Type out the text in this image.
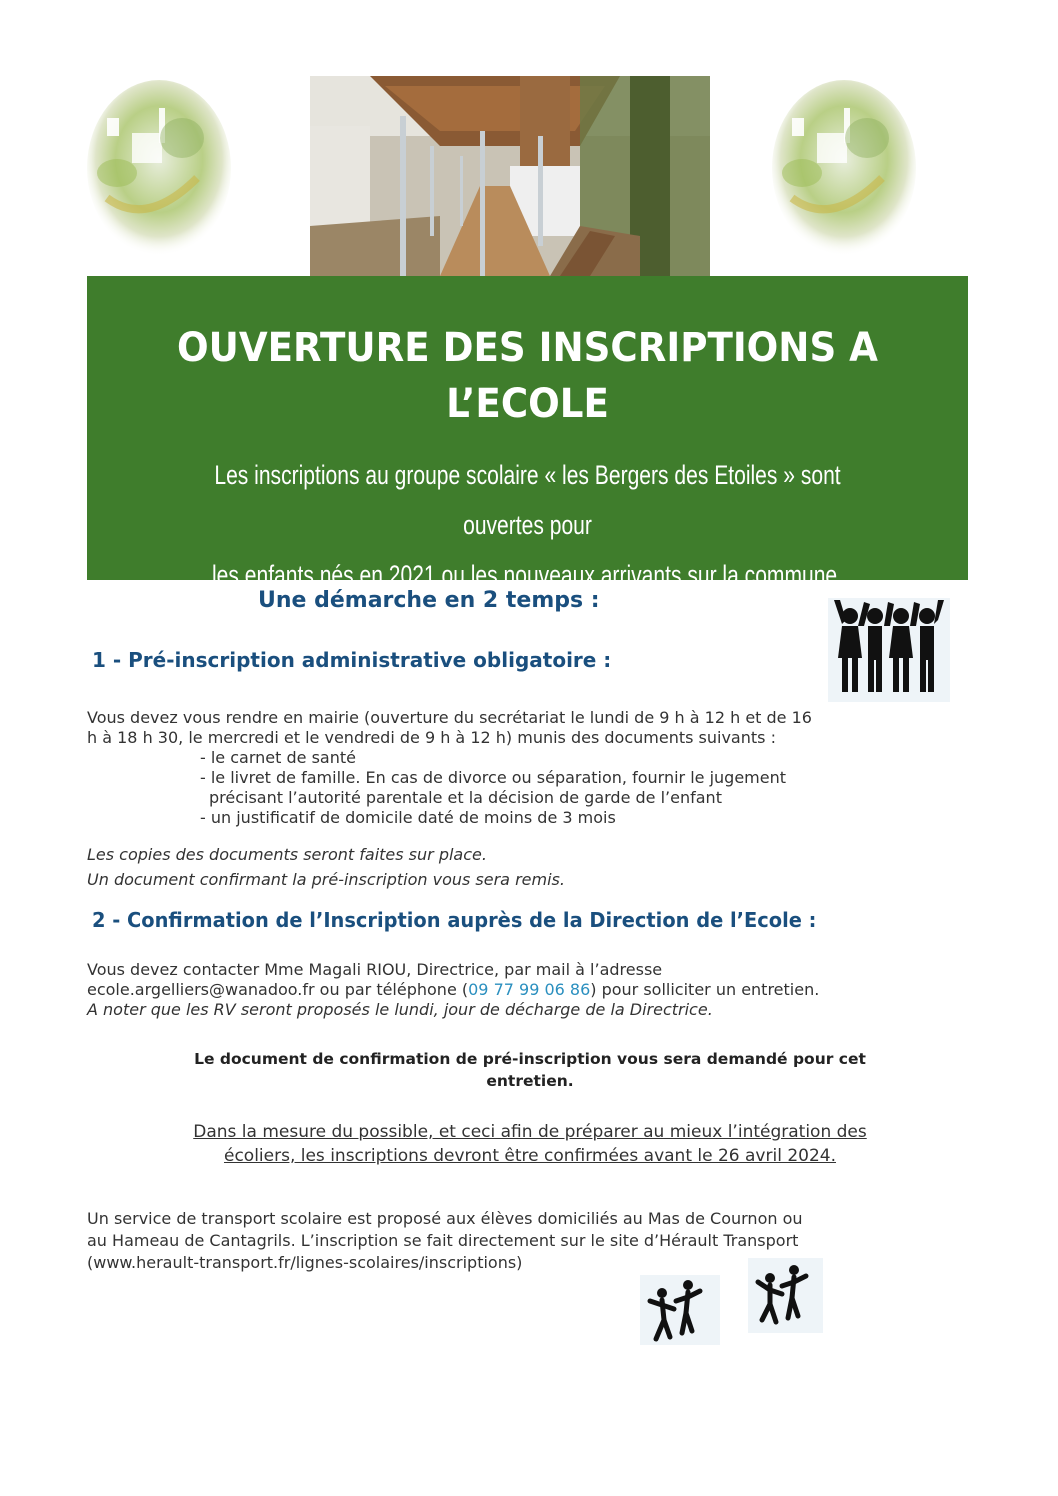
OUVERTURE DES INSCRIPTIONS A
L’ECOLE
Les inscriptions au groupe scolaire « les Bergers des Etoiles » sont ouvertes pour
les enfants nés en 2021 ou les nouveaux arrivants sur la commune.
Une démarche en 2 temps :
1 - Pré-inscription administrative obligatoire :
Vous devez vous rendre en mairie (ouverture du secrétariat le lundi de 9 h à 12 h et de 16
h à 18 h 30, le mercredi et le vendredi de 9 h à 12 h) munis des documents suivants :
- le carnet de santé
- le livret de famille. En cas de divorce ou séparation, fournir le jugement
précisant l’autorité parentale et la décision de garde de l’enfant
- un justificatif de domicile daté de moins de 3 mois
Les copies des documents seront faites sur place.
Un document confirmant la pré-inscription vous sera remis.
2 - Confirmation de l’Inscription auprès de la Direction de l’Ecole :
Vous devez contacter Mme Magali RIOU, Directrice, par mail à l’adresse
ecole.argelliers@wanadoo.fr ou par téléphone (09 77 99 06 86) pour solliciter un entretien.
A noter que les RV seront proposés le lundi, jour de décharge de la Directrice.
Le document de confirmation de pré-inscription vous sera demandé pour cet
entretien.
Dans la mesure du possible, et ceci afin de préparer au mieux l’intégration des
écoliers, les inscriptions devront être confirmées avant le 26 avril 2024.
Un service de transport scolaire est proposé aux élèves domiciliés au Mas de Cournon ou
au Hameau de Cantagrils. L’inscription se fait directement sur le site d’Hérault Transport
(www.herault-transport.fr/lignes-scolaires/inscriptions)
